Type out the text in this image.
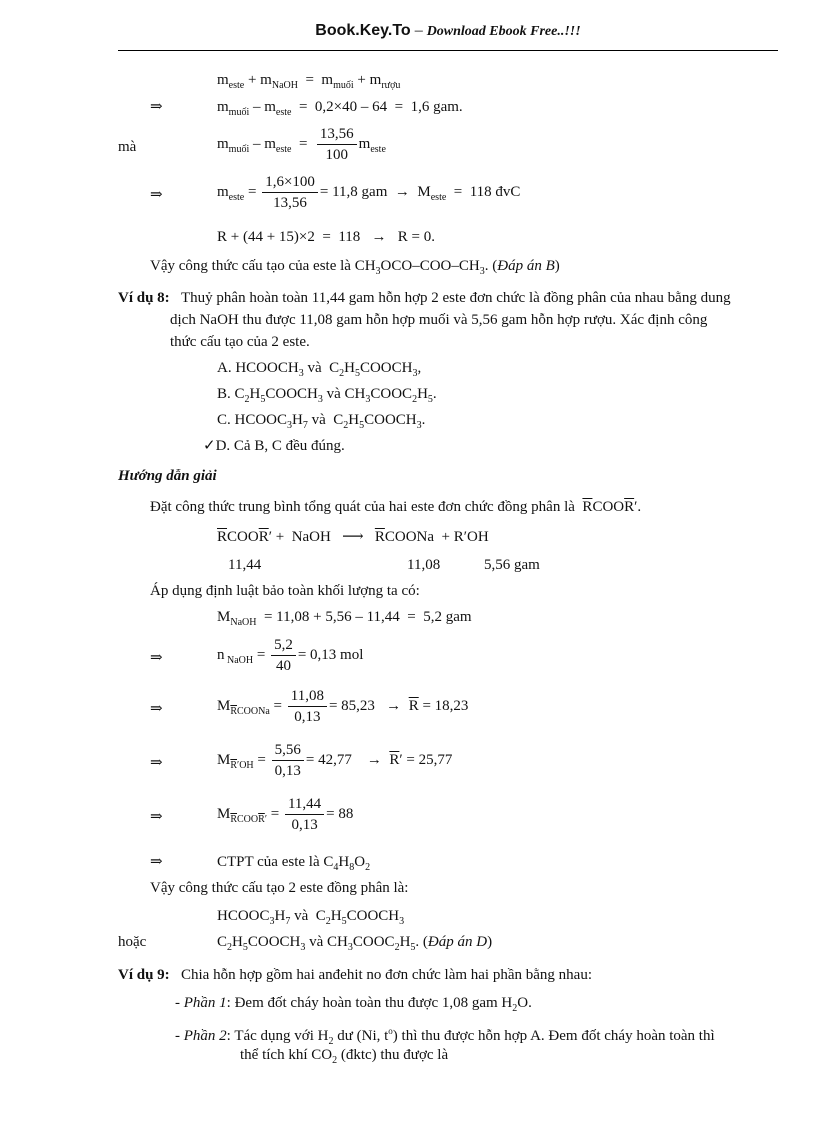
Book.Key.To – Download Ebook Free..!!!
$m_{este} + m_{NaOH} = m_{muối} + m_{rượu}$
⇒	$m_{muối} - m_{este} = 0,2\times 40 - 64 = 1,6$ gam.
mà	$m_{muối} - m_{este} = \frac{13,56}{100} m_{este}$
⇒	$m_{este} = \frac{1,6\times 100}{13,56} = 11,8$ gam  →  $M_{este} = 118$ đvC
R + (44 + 15)×2  =  118   →   R = 0.
Vậy công thức cấu tạo của este là $CH_3OCO-COO-CH_3$. (Đáp án B)
Ví dụ 8: Thuỷ phân hoàn toàn 11,44 gam hỗn hợp 2 este đơn chức là đồng phân của nhau bằng dung
dịch NaOH thu được 11,08 gam hỗn hợp muối và 5,56 gam hỗn hợp rượu. Xác định công
thức cấu tạo của 2 este.
A. $HCOOCH_3$ và  $C_2H_5COOCH_3$,
B. $C_2H_5COOCH_3$ và $CH_3COOC_2H_5$.
C. $HCOOC_3H_7$ và  $C_2H_5COOCH_3$.
✓D. Cả B, C đều đúng.
Hướng dẫn giải
Đặt công thức trung bình tổng quát của hai este đơn chức đồng phân là  $\overline{R}COO\overline{R}'$.
$\overline{R}COO\overline{R}'$ +  NaOH   ⟶   $\overline{R}COONa + R'OH$
11,44	11,08	5,56 gam
Áp dụng định luật bảo toàn khối lượng ta có:
$M_{NaOH} = 11,08 + 5,56 - 11,44 = 5,2$ gam
⇒	n $_{NaOH} = \frac{5,2}{40} = 0,13$ mol
⇒	$M_{\overline{R}COONa} = \frac{11,08}{0,13} = 85,23 \to \overline{R} = 18,23$
⇒	$M_{\overline{R}'OH} = \frac{5,56}{0,13} = 42,77$    →  $\overline{R}' = 25,77$
⇒	$M_{\overline{R}COO\overline{R}'} = \frac{11,44}{0,13} = 88$
⇒	CTPT của este là $C_4H_8O_2$
Vậy công thức cấu tạo 2 este đồng phân là:
$HCOOC_3H_7$ và  $C_2H_5COOCH_3$
hoặc	$C_2H_5COOCH_3$ và $CH_3COOC_2H_5$. (Đáp án D)
Ví dụ 9: Chia hỗn hợp gồm hai anđehit no đơn chức làm hai phần bằng nhau:
- Phần 1: Đem đốt cháy hoàn toàn thu được 1,08 gam $H_2O$.
- Phần 2: Tác dụng với $H_2$ dư (Ni, $t^o$) thì thu được hỗn hợp A. Đem đốt cháy hoàn toàn thì
thể tích khí $CO_2$ (đktc) thu được là
